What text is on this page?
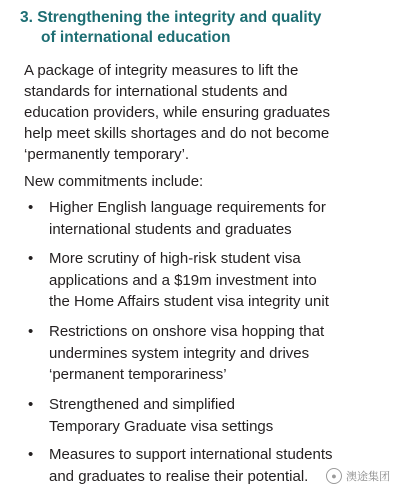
3. Strengthening the integrity and quality
of international education
A package of integrity measures to lift the
standards for international students and
education providers, while ensuring graduates
help meet skills shortages and do not become
‘permanently temporary’.
New commitments include:
• Higher English language requirements for
international students and graduates
• More scrutiny of high-risk student visa
applications and a $19m investment into
the Home Affairs student visa integrity unit
• Restrictions on onshore visa hopping that
undermines system integrity and drives
‘permanent temporariness’
• Strengthened and simplified
Temporary Graduate visa settings
• Measures to support international students
and graduates to realise their potential.	● 澳途集团
